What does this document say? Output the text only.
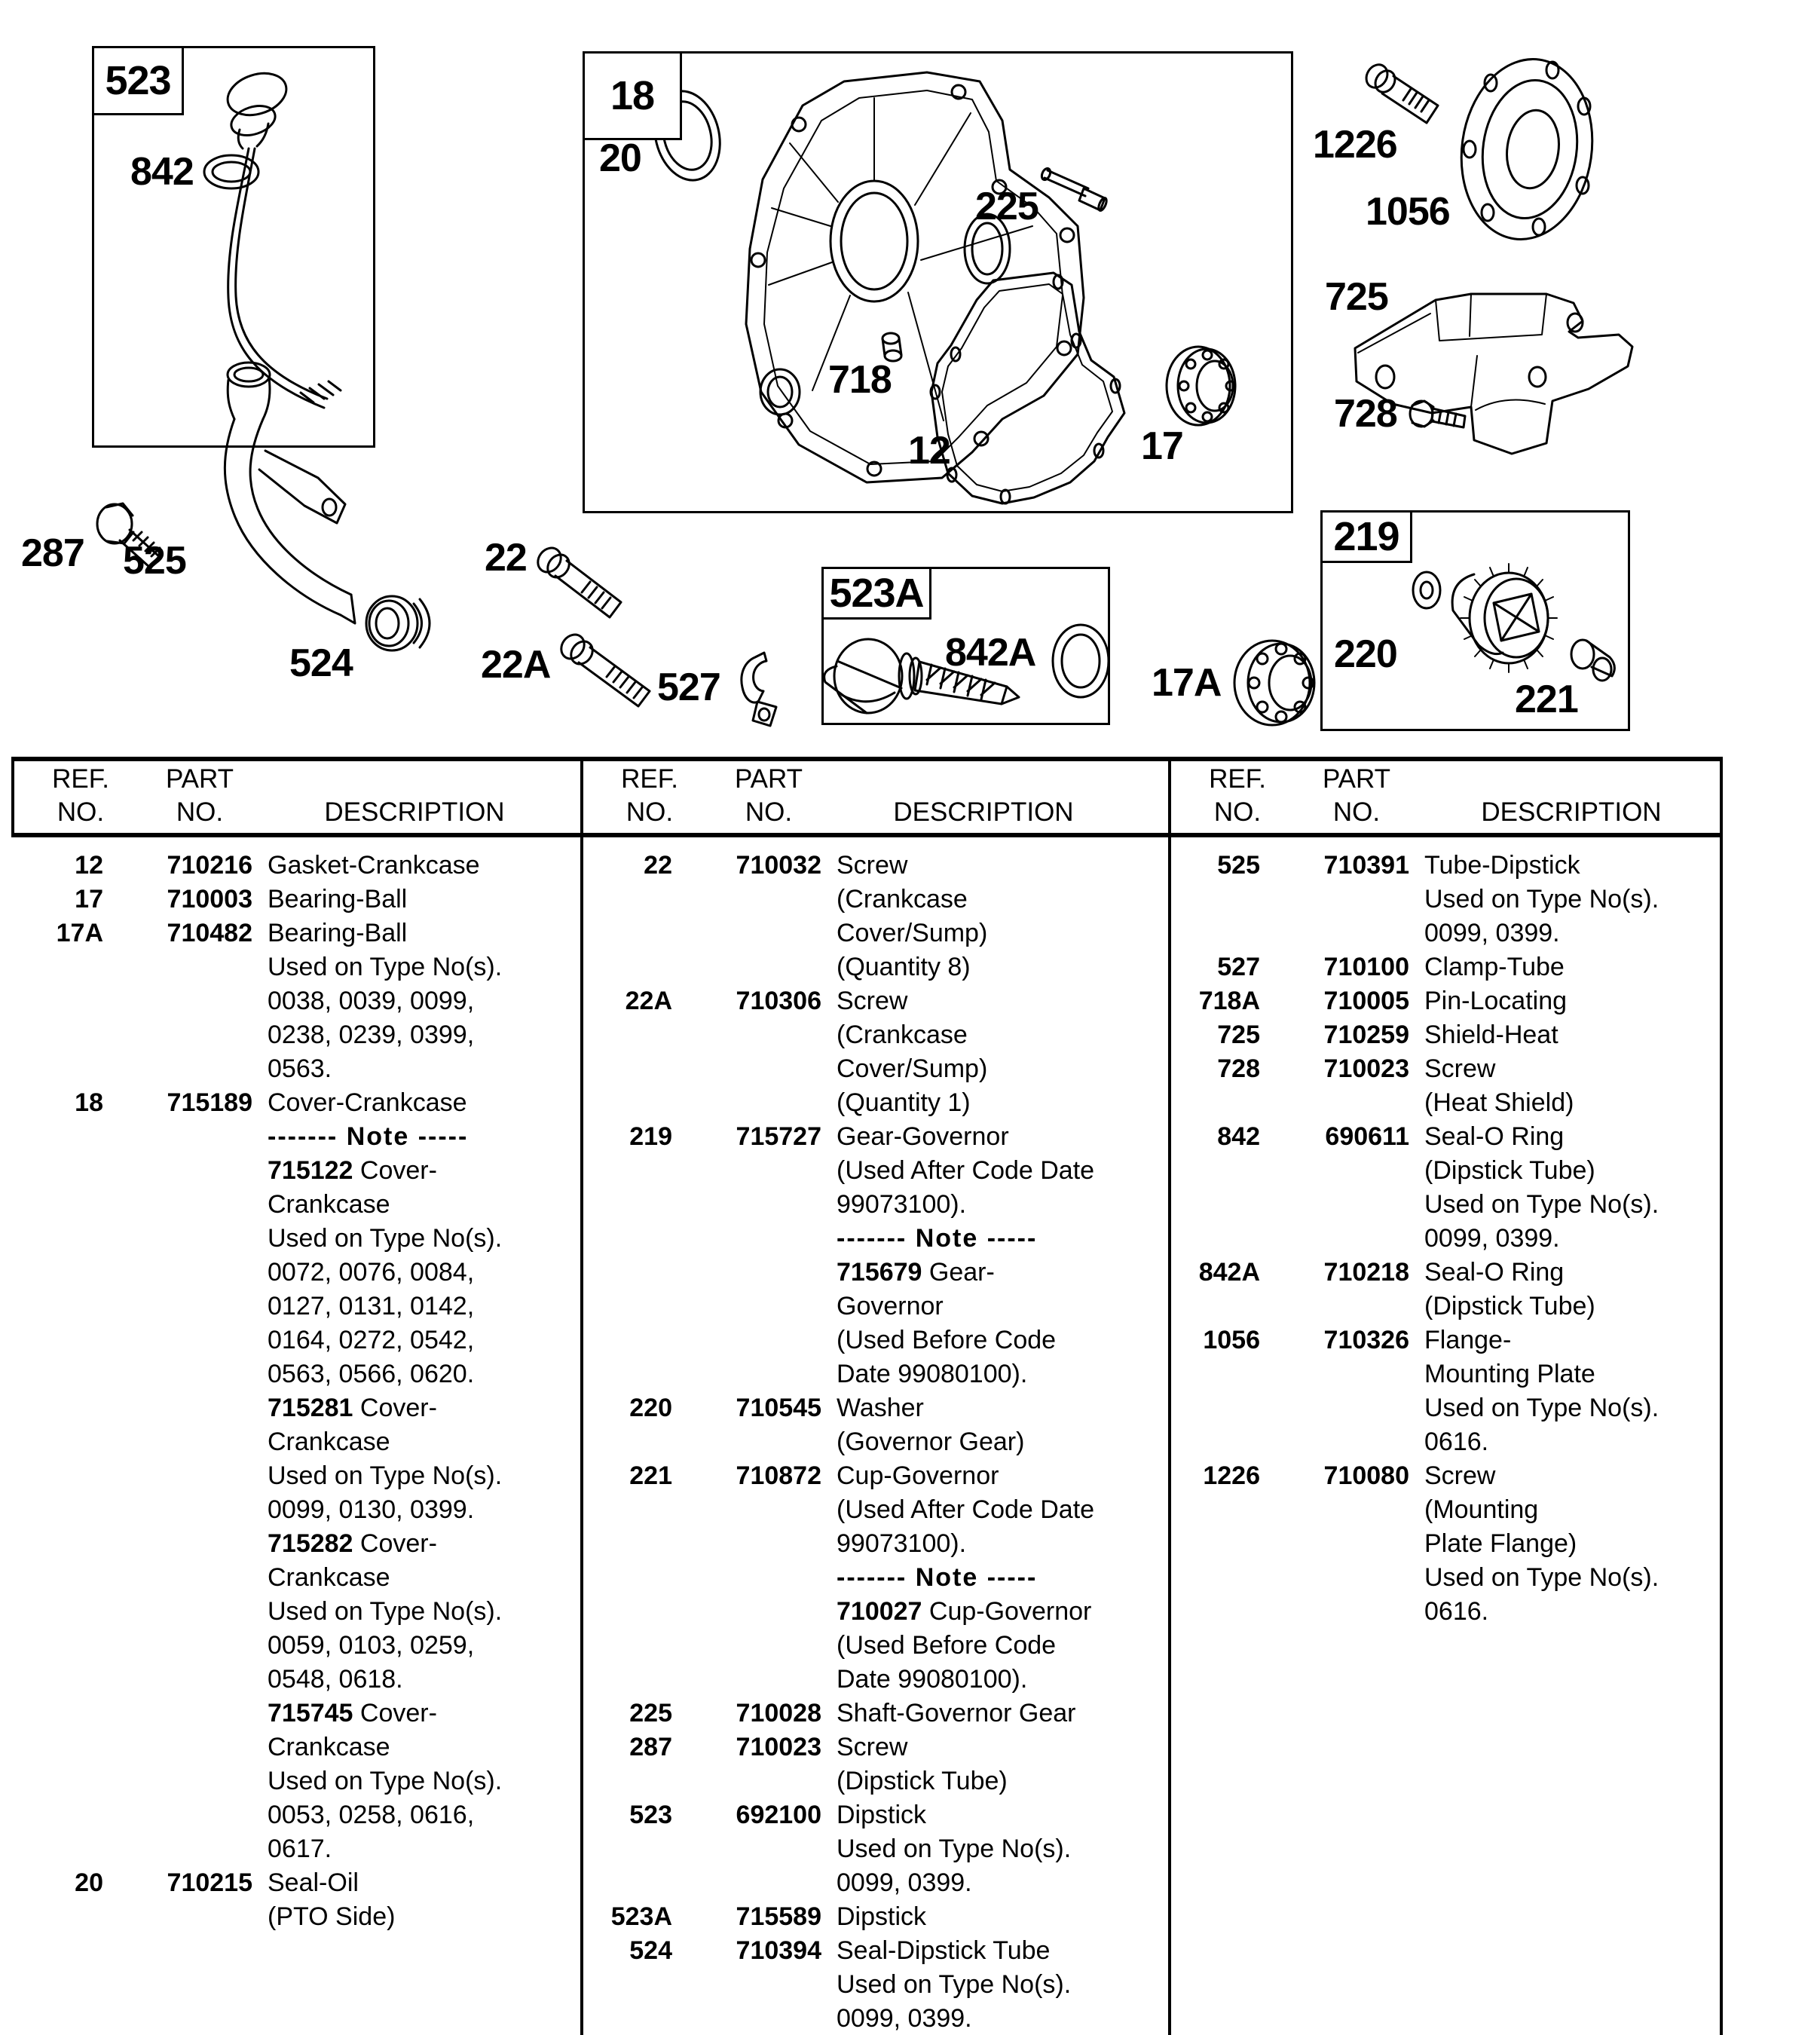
523	18
523A
219
842
287 525
524
22
22A
527
842A
17A
20
225
718
12	17
1226
1056
725
728
220
221
REF.
NO.
PART
NO.	DESCRIPTION
REF.
NO.
PART
NO.	DESCRIPTION
REF.
NO.
PART
NO.	DESCRIPTION
12	710216 Gasket-Crankcase
17	710003 Bearing-Ball
17A	710482 Bearing-Ball
Used on Type No(s).
0038, 0039, 0099,
0238, 0239, 0399,
0563.
18	715189 Cover-Crankcase
------- Note -----
715122 Cover-
Crankcase
Used on Type No(s).
0072, 0076, 0084,
0127, 0131, 0142,
0164, 0272, 0542,
0563, 0566, 0620.
715281 Cover-
Crankcase
Used on Type No(s).
0099, 0130, 0399.
715282 Cover-
Crankcase
Used on Type No(s).
0059, 0103, 0259,
0548, 0618.
715745 Cover-
Crankcase
Used on Type No(s).
0053, 0258, 0616,
0617.
20	710215 Seal-Oil
(PTO Side)
22	710032 Screw
(Crankcase
Cover/Sump)
(Quantity 8)
22A	710306 Screw
(Crankcase
Cover/Sump)
(Quantity 1)
219	715727 Gear-Governor
(Used After Code Date
99073100).
------- Note -----
715679 Gear-
Governor
(Used Before Code
Date 99080100).
220	710545 Washer
(Governor Gear)
221	710872 Cup-Governor
(Used After Code Date
99073100).
------- Note -----
710027 Cup-Governor
(Used Before Code
Date 99080100).
225	710028 Shaft-Governor Gear
287	710023 Screw
(Dipstick Tube)
523	692100 Dipstick
Used on Type No(s).
0099, 0399.
523A	715589 Dipstick
524	710394 Seal-Dipstick Tube
Used on Type No(s).
0099, 0399.
525	710391 Tube-Dipstick
Used on Type No(s).
0099, 0399.
527	710100 Clamp-Tube
718A	710005 Pin-Locating
725	710259 Shield-Heat
728	710023 Screw
(Heat Shield)
842	690611 Seal-O Ring
(Dipstick Tube)
Used on Type No(s).
0099, 0399.
842A	710218 Seal-O Ring
(Dipstick Tube)
1056	710326 Flange-
Mounting Plate
Used on Type No(s).
0616.
1226	710080 Screw
(Mounting
Plate Flange)
Used on Type No(s).
0616.
